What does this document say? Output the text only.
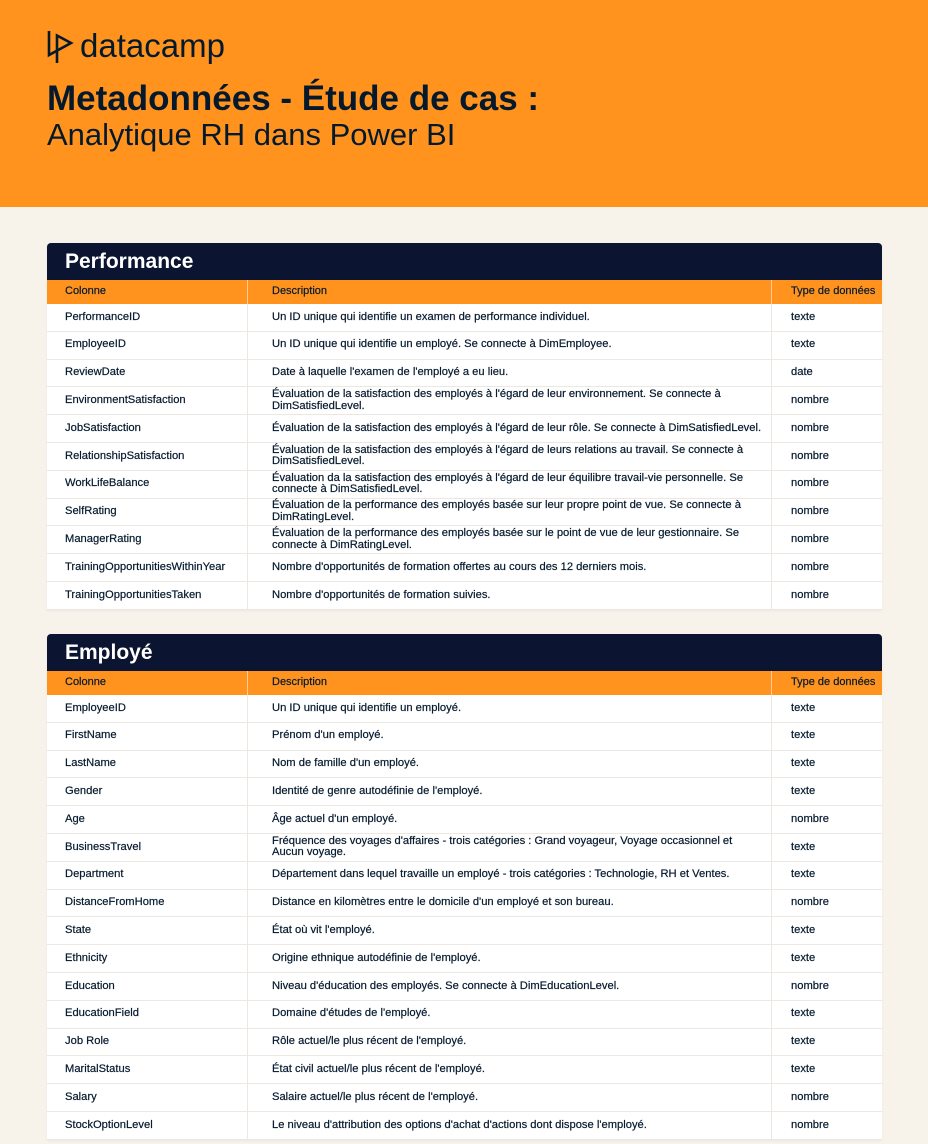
datacamp
Metadonnées - Étude de cas :
Analytique RH dans Power BI
Performance
Colonne	Description	Type de données
PerformanceID	Un ID unique qui identifie un examen de performance individuel.	texte
EmployeeID	Un ID unique qui identifie un employé. Se connecte à DimEmployee.	texte
ReviewDate	Date à laquelle l'examen de l'employé a eu lieu.	date
EnvironmentSatisfaction	Évaluation de la satisfaction des employés à l'égard de leur environnement. Se connecte à DimSatisfiedLevel.	nombre
JobSatisfaction	Évaluation de la satisfaction des employés à l'égard de leur rôle. Se connecte à DimSatisfiedLevel.	nombre
RelationshipSatisfaction	Évaluation de la satisfaction des employés à l'égard de leurs relations au travail. Se connecte à DimSatisfiedLevel.	nombre
WorkLifeBalance	Évaluation da la satisfaction des employés à l'égard de leur équilibre travail-vie personnelle. Se connecte à DimSatisfiedLevel.	nombre
SelfRating	Évaluation de la performance des employés basée sur leur propre point de vue. Se connecte à DimRatingLevel.	nombre
ManagerRating	Évaluation de la performance des employés basée sur le point de vue de leur gestionnaire. Se connecte à DimRatingLevel.	nombre
TrainingOpportunitiesWithinYear	Nombre d'opportunités de formation offertes au cours des 12 derniers mois.	nombre
TrainingOpportunitiesTaken	Nombre d'opportunités de formation suivies.	nombre
Employé
Colonne	Description	Type de données
EmployeeID	Un ID unique qui identifie un employé.	texte
FirstName	Prénom d'un employé.	texte
LastName	Nom de famille d'un employé.	texte
Gender	Identité de genre autodéfinie de l'employé.	texte
Age	Âge actuel d'un employé.	nombre
BusinessTravel	Fréquence des voyages d'affaires - trois catégories : Grand voyageur, Voyage occasionnel et Aucun voyage.	texte
Department	Département dans lequel travaille un employé - trois catégories : Technologie, RH et Ventes.	texte
DistanceFromHome	Distance en kilomètres entre le domicile d'un employé et son bureau.	nombre
State	État où vit l'employé.	texte
Ethnicity	Origine ethnique autodéfinie de l'employé.	texte
Education	Niveau d'éducation des employés. Se connecte à DimEducationLevel.	nombre
EducationField	Domaine d'études de l'employé.	texte
Job Role	Rôle actuel/le plus récent de l'employé.	texte
MaritalStatus	État civil actuel/le plus récent de l'employé.	texte
Salary	Salaire actuel/le plus récent de l'employé.	nombre
StockOptionLevel	Le niveau d'attribution des options d'achat d'actions dont dispose l'employé.	nombre
